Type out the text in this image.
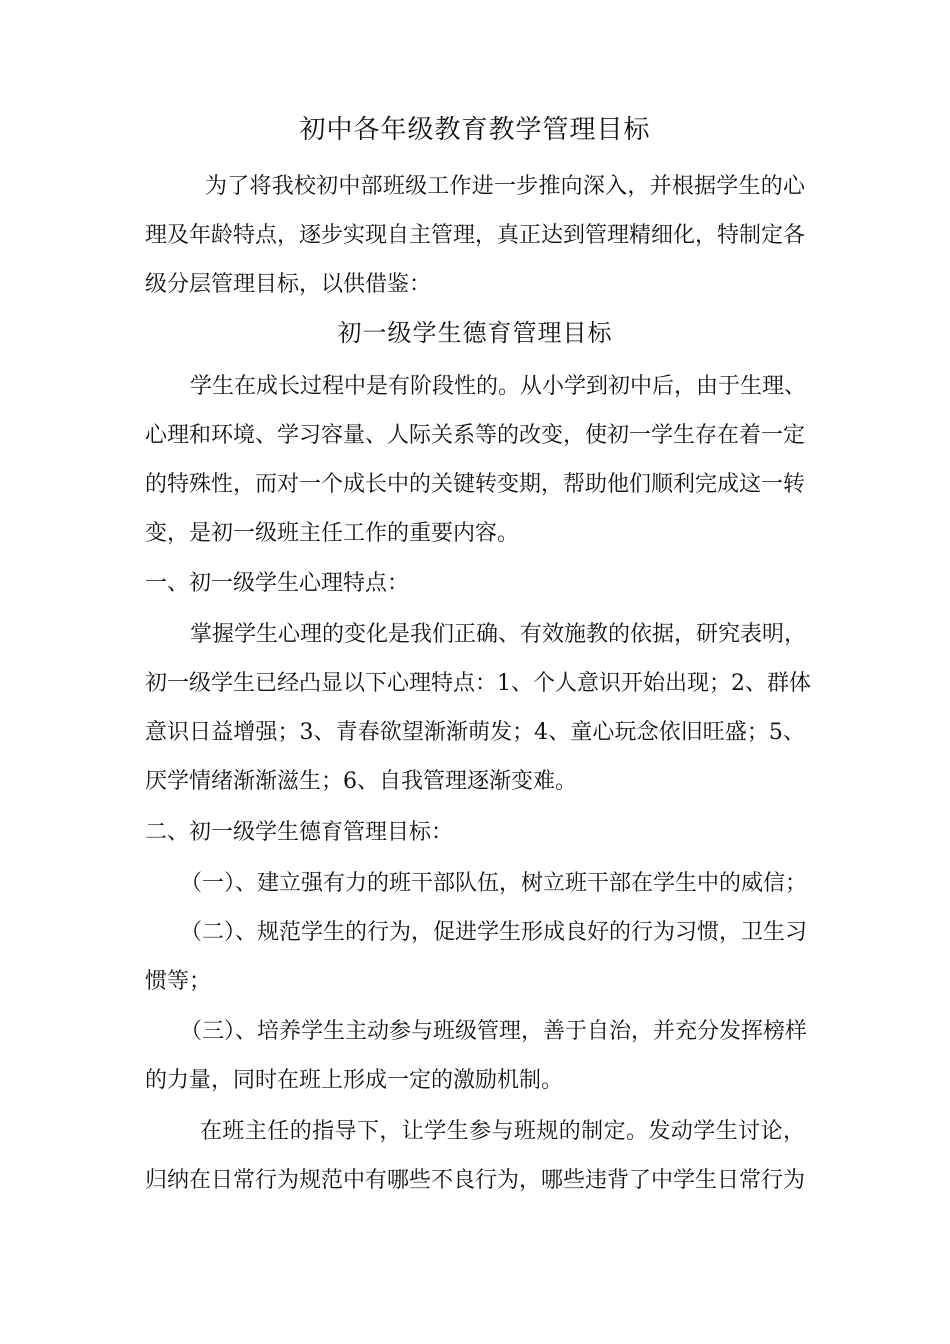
初中各年级教育教学管理目标
为了将我校初中部班级工作进一步推向深入，并根据学生的心
理及年龄特点，逐步实现自主管理，真正达到管理精细化，特制定各
级分层管理目标，以供借鉴：
初一级学生德育管理目标
学生在成长过程中是有阶段性的。从小学到初中后，由于生理、
心理和环境、学习容量、人际关系等的改变，使初一学生存在着一定
的特殊性，而对一个成长中的关键转变期，帮助他们顺利完成这一转
变，是初一级班主任工作的重要内容。
一、初一级学生心理特点：
掌握学生心理的变化是我们正确、有效施教的依据，研究表明，
初一级学生已经凸显以下心理特点：1、个人意识开始出现；2、群体
意识日益增强；3、青春欲望渐渐萌发；4、童心玩念依旧旺盛；5、
厌学情绪渐渐滋生；6、自我管理逐渐变难。
二、初一级学生德育管理目标：
（一）、建立强有力的班干部队伍，树立班干部在学生中的威信；
（二）、规范学生的行为，促进学生形成良好的行为习惯，卫生习
惯等；
（三）、培养学生主动参与班级管理，善于自治，并充分发挥榜样
的力量，同时在班上形成一定的激励机制。
在班主任的指导下，让学生参与班规的制定。发动学生讨论，
归纳在日常行为规范中有哪些不良行为，哪些违背了中学生日常行为
